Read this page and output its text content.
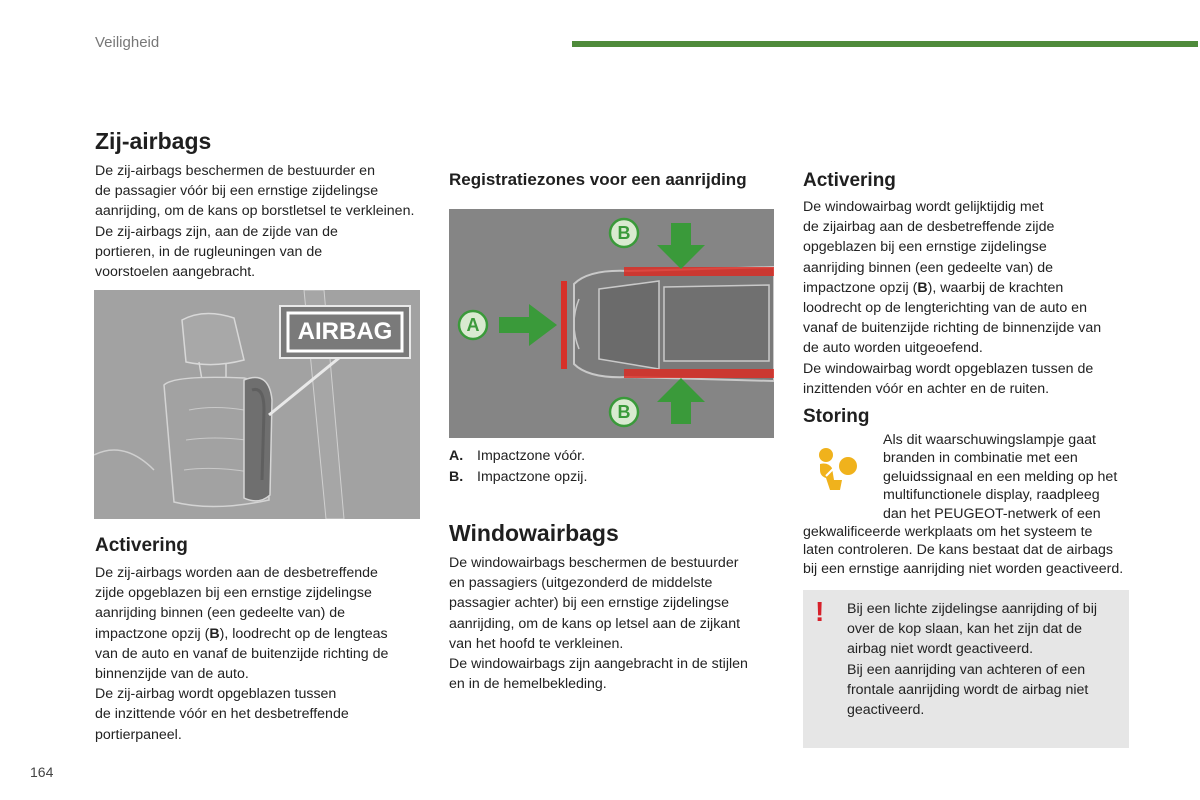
Veiligheid
Zij-airbags

De zij-airbags beschermen de bestuurder en

de passagier vóór bij een ernstige zijdelingse

aanrijding, om de kans op borstletsel te verkleinen.

De zij-airbags zijn, aan de zijde van de

portieren, in de rugleuningen van de

voorstoelen aangebracht.

AIRBAG
Activering

De zij-airbags worden aan de desbetreffende

zijde opgeblazen bij een ernstige zijdelingse

aanrijding binnen (een gedeelte van) de

impactzone opzij (B), loodrecht op de lengteas

van de auto en vanaf de buitenzijde richting de

binnenzijde van de auto.

De zij-airbag wordt opgeblazen tussen

de inzittende vóór en het desbetreffende

portierpaneel.

Registratiezones voor een aanrijding
A
B
B
A. Impactzone vóór.
B. Impactzone opzij.
Windowairbags

De windowairbags beschermen de bestuurder

en passagiers (uitgezonderd de middelste

passagier achter) bij een ernstige zijdelingse

aanrijding, om de kans op letsel aan de zijkant

van het hoofd te verkleinen.

De windowairbags zijn aangebracht in de stijlen

en in de hemelbekleding.

Activering

De windowairbag wordt gelijktijdig met

de zijairbag aan de desbetreffende zijde

opgeblazen bij een ernstige zijdelingse

aanrijding binnen (een gedeelte van) de

impactzone opzij (B), waarbij de krachten

loodrecht op de lengterichting van de auto en

vanaf de buitenzijde richting de binnenzijde van

de auto worden uitgeoefend.

De windowairbag wordt opgeblazen tussen de

inzittenden vóór en achter en de ruiten.

Storing

Als dit waarschuwingslampje gaat

branden in combinatie met een

geluidssignaal en een melding op het

multifunctionele display, raadpleeg

dan het PEUGEOT-netwerk of een

gekwalificeerde werkplaats om het systeem te

laten controleren. De kans bestaat dat de airbags

bij een ernstige aanrijding niet worden geactiveerd.

! Bij een lichte zijdelingse aanrijding of bij

over de kop slaan, kan het zijn dat de

airbag niet wordt geactiveerd.

Bij een aanrijding van achteren of een

frontale aanrijding wordt de airbag niet

geactiveerd.

164
